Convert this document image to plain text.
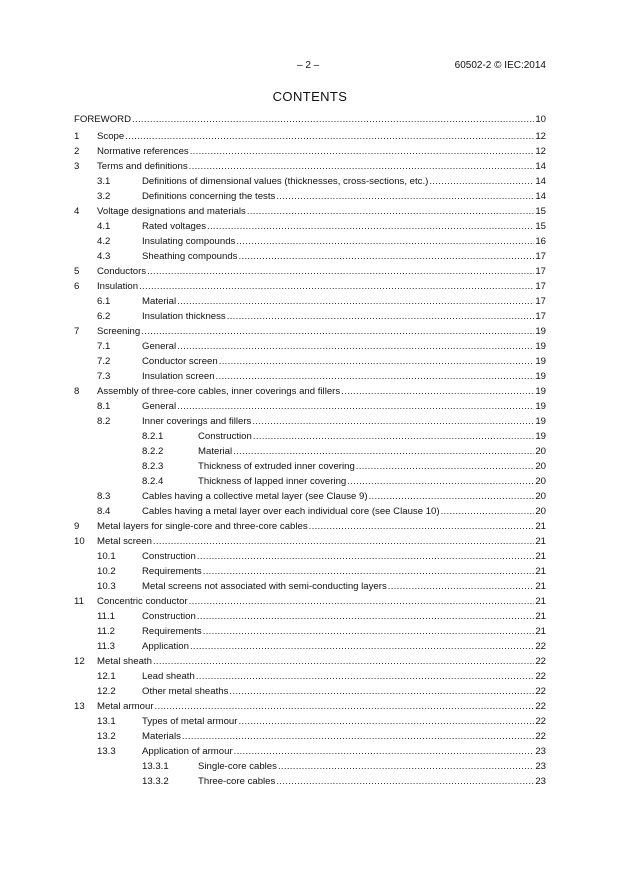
– 2 –	60502-2 © IEC:2014
CONTENTS
FOREWORD .....	10
1 Scope .....	12
2 Normative references .....	12
3 Terms and definitions .....	14
3.1	Definitions of dimensional values (thicknesses, cross-sections, etc.) .....	14
3.2	Definitions concerning the tests .....	14
4 Voltage designations and materials .....	15
4.1	Rated voltages .....	15
4.2	Insulating compounds .....	16
4.3	Sheathing compounds .....	17
5 Conductors .....	17
6 Insulation .....	17
6.1	Material .....	17
6.2	Insulation thickness .....	17
7 Screening .....	19
7.1	General .....	19
7.2	Conductor screen .....	19
7.3	Insulation screen .....	19
8 Assembly of three-core cables, inner coverings and fillers .....	19
8.1	General .....	19
8.2	Inner coverings and fillers .....	19
8.2.1	Construction .....	19
8.2.2	Material .....	20
8.2.3	Thickness of extruded inner covering .....	20
8.2.4	Thickness of lapped inner covering .....	20
8.3	Cables having a collective metal layer (see Clause 9) .....	20
8.4	Cables having a metal layer over each individual core (see Clause 10) .....	20
9 Metal layers for single-core and three-core cables .....	21
10 Metal screen .....	21
10.1	Construction .....	21
10.2	Requirements .....	21
10.3	Metal screens not associated with semi-conducting layers .....	21
11 Concentric conductor .....	21
11.1	Construction .....	21
11.2	Requirements .....	21
11.3	Application .....	22
12 Metal sheath .....	22
12.1	Lead sheath .....	22
12.2	Other metal sheaths .....	22
13 Metal armour .....	22
13.1	Types of metal armour .....	22
13.2	Materials .....	22
13.3	Application of armour .....	23
13.3.1	Single-core cables .....	23
13.3.2	Three-core cables .....	23
